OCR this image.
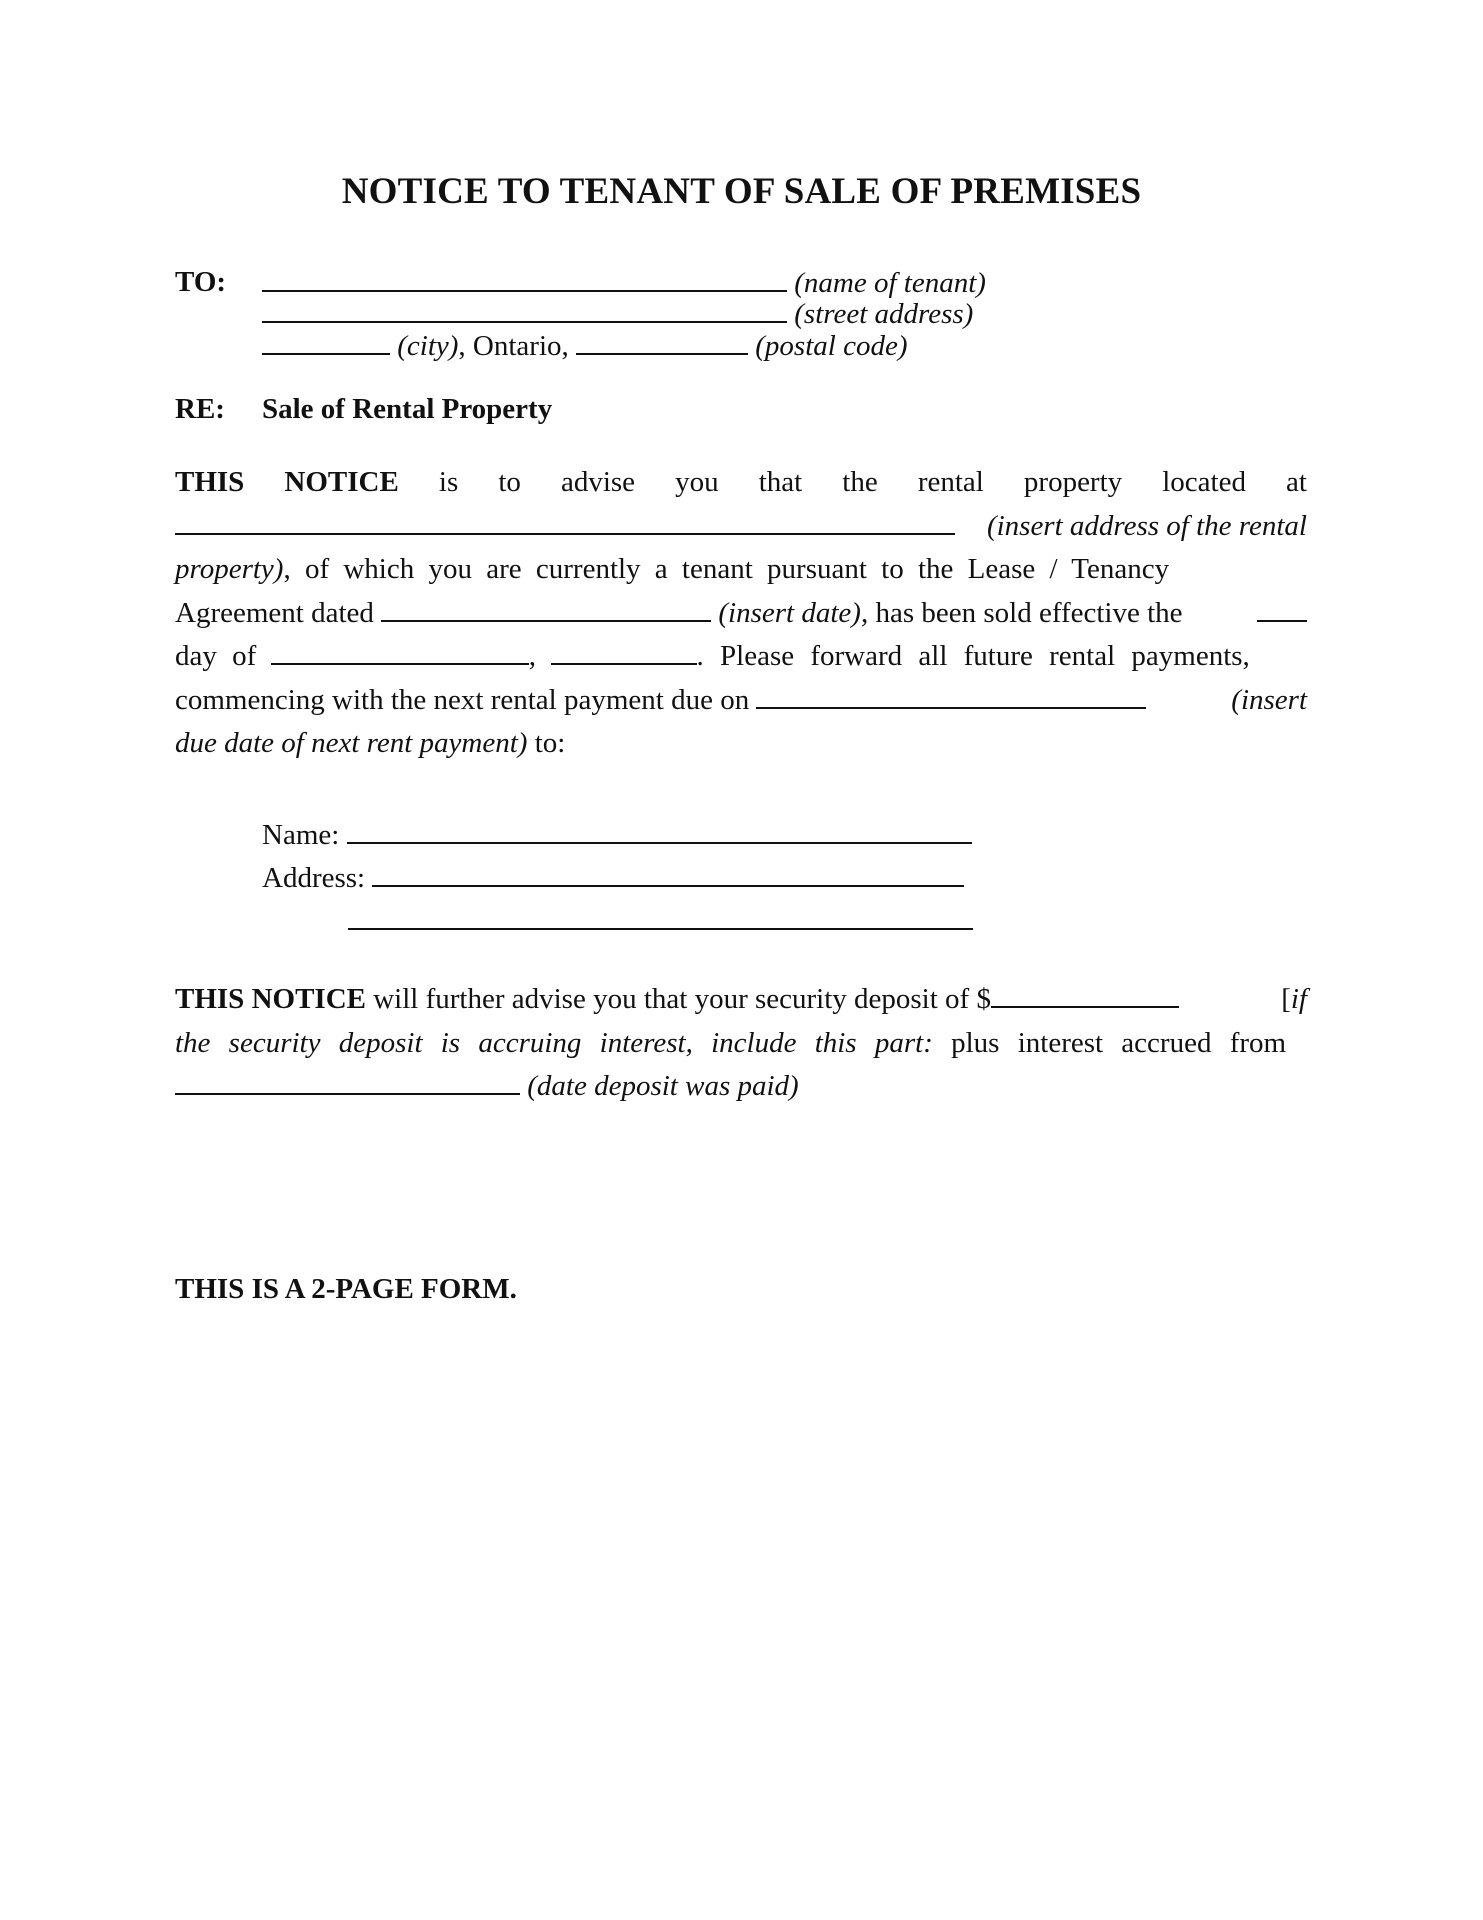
NOTICE TO TENANT OF SALE OF PREMISES
TO:	(name of tenant)
(street address)
(city), Ontario,	(postal code)
RE: Sale of Rental Property
THIS NOTICE is to advise you that the rental property located at
(insert address of the rental
property), of which you are currently a tenant pursuant to the Lease / Tenancy
Agreement dated	(insert date), has been sold effective the
day of	,	. Please forward all future rental payments,
commencing with the next rental payment due on	(insert
due date of next rent payment) to:
Name:
Address:
THIS NOTICE will further advise you that your security deposit of $	[if
the security deposit is accruing interest, include this part: plus interest accrued from
(date deposit was paid)
THIS IS A 2-PAGE FORM.
